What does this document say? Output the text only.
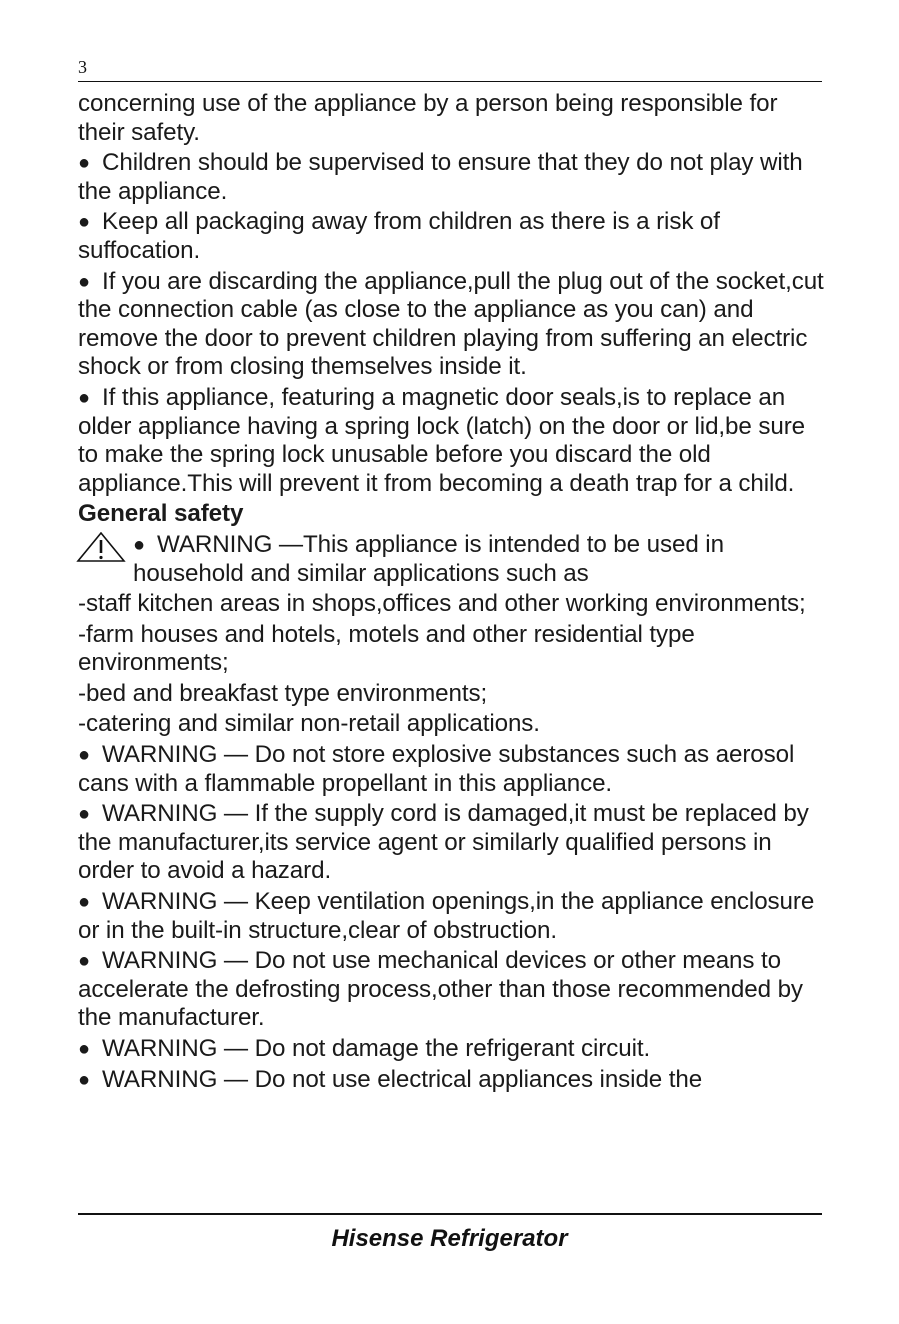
3

concerning use of the appliance by a person being responsible for their safety.

● Children should be supervised to ensure that they do not play with the appliance.

● Keep all packaging away from children as there is a risk of suffocation.

● If you are discarding the appliance,pull the plug out of the socket,cut the connection cable (as close to the appliance as you can) and remove the door to prevent children playing from suffering an electric shock or from closing themselves inside it.

● If this appliance, featuring a magnetic door seals,is to replace an older appliance having a spring lock (latch) on the door or lid,be sure to make the spring lock unusable before you discard the old appliance.This will prevent it from becoming a death trap for a child.

General safety

● WARNING —This appliance is intended to be used in household and similar applications such as

-staff kitchen areas in shops,offices and other working environments;

-farm houses and hotels, motels and other residential type environments;

-bed and breakfast type environments;

-catering and similar non-retail applications.

● WARNING — Do not store explosive substances such as aerosol cans with a flammable propellant in this appliance.

● WARNING — If the supply cord is damaged,it must be replaced by the manufacturer,its service agent or similarly qualified persons in order to avoid a hazard.

● WARNING — Keep ventilation openings,in the appliance enclosure or in the built-in structure,clear of obstruction.

● WARNING — Do not use mechanical devices or other means to accelerate the defrosting process,other than those recommended by the manufacturer.

● WARNING — Do not damage the refrigerant circuit.

● WARNING — Do not use electrical appliances inside the

Hisense Refrigerator
